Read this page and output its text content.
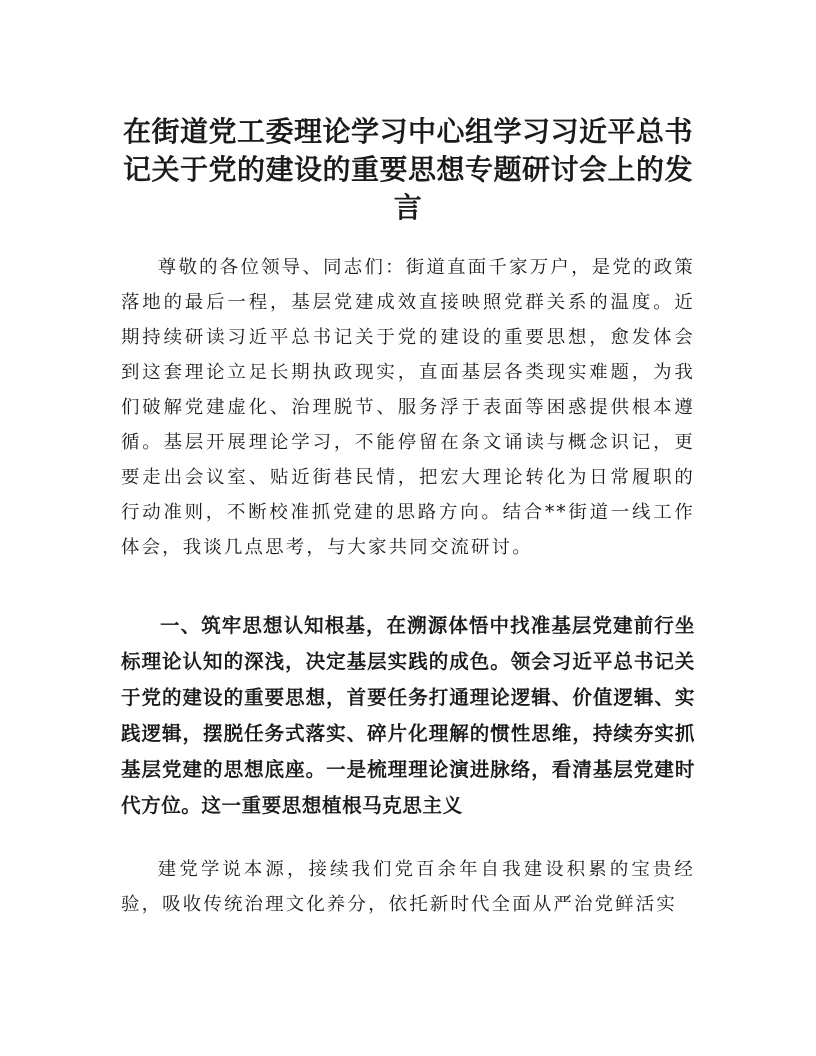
在街道党工委理论学习中心组学习习近平总书记关于党的建设的重要思想专题研讨会上的发言

尊敬的各位领导、同志们：街道直面千家万户，是党的政策落地的最后一程，基层党建成效直接映照党群关系的温度。近期持续研读习近平总书记关于党的建设的重要思想，愈发体会到这套理论立足长期执政现实，直面基层各类现实难题，为我们破解党建虚化、治理脱节、服务浮于表面等困惑提供根本遵循。基层开展理论学习，不能停留在条文诵读与概念识记，更要走出会议室、贴近街巷民情，把宏大理论转化为日常履职的行动准则，不断校准抓党建的思路方向。结合**街道一线工作体会，我谈几点思考，与大家共同交流研讨。

一、筑牢思想认知根基，在溯源体悟中找准基层党建前行坐标理论认知的深浅，决定基层实践的成色。领会习近平总书记关于党的建设的重要思想，首要任务打通理论逻辑、价值逻辑、实践逻辑，摆脱任务式落实、碎片化理解的惯性思维，持续夯实抓基层党建的思想底座。一是梳理理论演进脉络，看清基层党建时代方位。这一重要思想植根马克思主义

建党学说本源，接续我们党百余年自我建设积累的宝贵经验，吸收传统治理文化养分，依托新时代全面从严治党鲜活实
